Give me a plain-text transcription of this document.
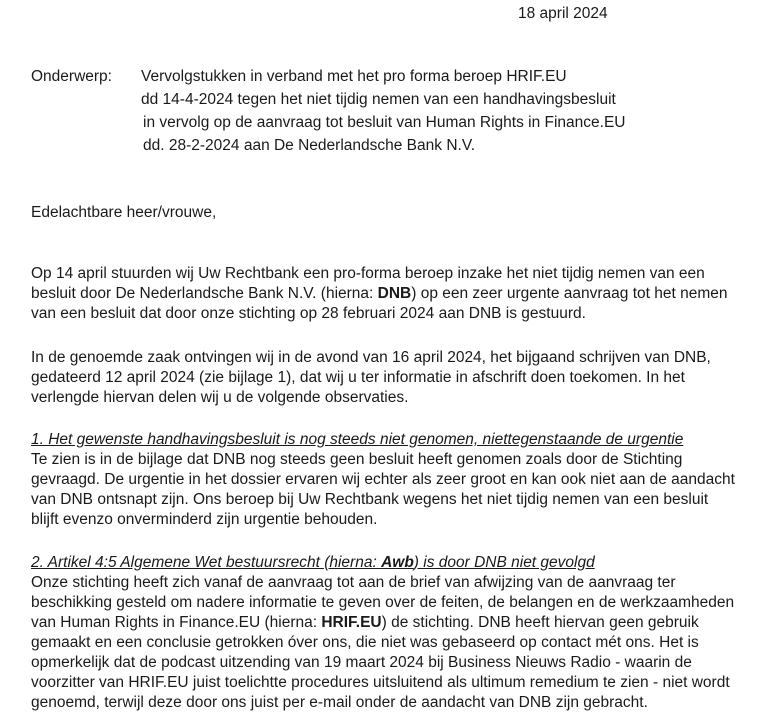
18 april 2024
Onderwerp: Vervolgstukken in verband met het pro forma beroep HRIF.EU
dd 14-4-2024 tegen het niet tijdig nemen van een handhavingsbesluit
in vervolg op de aanvraag tot besluit van Human Rights in Finance.EU
dd. 28-2-2024 aan De Nederlandsche Bank N.V.
Edelachtbare heer/vrouwe,
Op 14 april stuurden wij Uw Rechtbank een pro-forma beroep inzake het niet tijdig nemen van een
besluit door De Nederlandsche Bank N.V. (hierna: DNB) op een zeer urgente aanvraag tot het nemen
van een besluit dat door onze stichting op 28 februari 2024 aan DNB is gestuurd.
In de genoemde zaak ontvingen wij in de avond van 16 april 2024, het bijgaand schrijven van DNB,
gedateerd 12 april 2024 (zie bijlage 1), dat wij u ter informatie in afschrift doen toekomen. In het
verlengde hiervan delen wij u de volgende observaties.
1. Het gewenste handhavingsbesluit is nog steeds niet genomen, niettegenstaande de urgentie
Te zien is in de bijlage dat DNB nog steeds geen besluit heeft genomen zoals door de Stichting
gevraagd. De urgentie in het dossier ervaren wij echter als zeer groot en kan ook niet aan de aandacht
van DNB ontsnapt zijn. Ons beroep bij Uw Rechtbank wegens het niet tijdig nemen van een besluit
blijft evenzo onverminderd zijn urgentie behouden.
2. Artikel 4:5 Algemene Wet bestuursrecht (hierna: Awb) is door DNB niet gevolgd
Onze stichting heeft zich vanaf de aanvraag tot aan de brief van afwijzing van de aanvraag ter
beschikking gesteld om nadere informatie te geven over de feiten, de belangen en de werkzaamheden
van Human Rights in Finance.EU (hierna: HRIF.EU) de stichting. DNB heeft hiervan geen gebruik
gemaakt en een conclusie getrokken óver ons, die niet was gebaseerd op contact mét ons. Het is
opmerkelijk dat de podcast uitzending van 19 maart 2024 bij Business Nieuws Radio - waarin de
voorzitter van HRIF.EU juist toelichtte procedures uitsluitend als ultimum remedium te zien - niet wordt
genoemd, terwijl deze door ons juist per e-mail onder de aandacht van DNB zijn gebracht.
